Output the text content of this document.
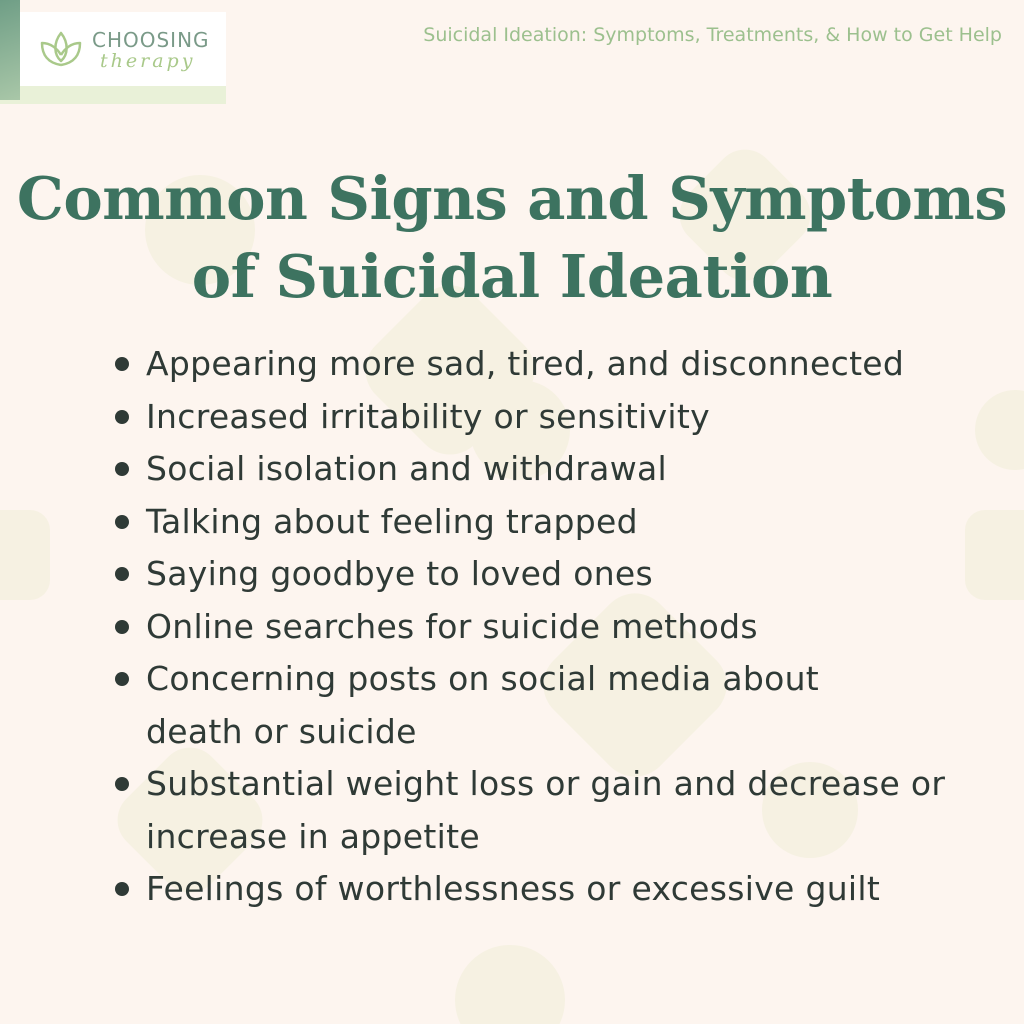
CHOOSING
therapy
Suicidal Ideation: Symptoms, Treatments, & How to Get Help
Common Signs and Symptoms
of Suicidal Ideation
Appearing more sad, tired, and disconnected
Increased irritability or sensitivity
Social isolation and withdrawal
Talking about feeling trapped
Saying goodbye to loved ones
Online searches for suicide methods
Concerning posts on social media about death or suicide
Substantial weight loss or gain and decrease or increase in appetite
Feelings of worthlessness or excessive guilt
